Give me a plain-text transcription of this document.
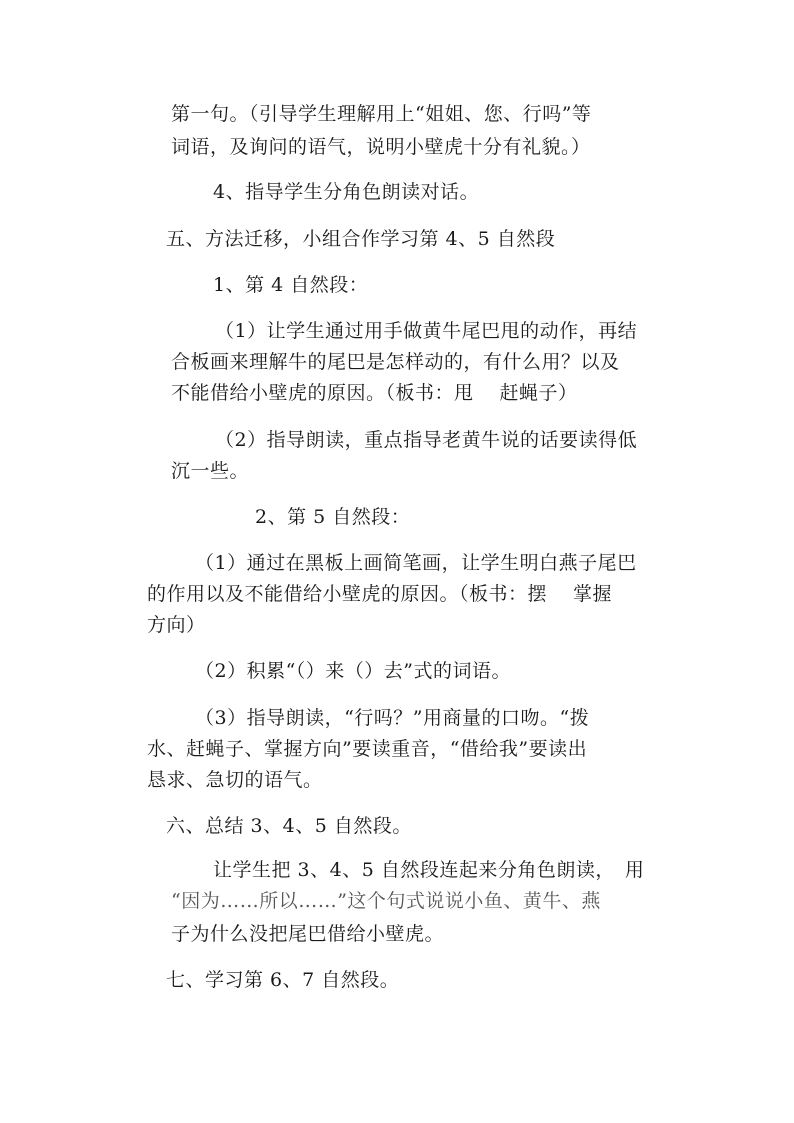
第一句。（引导学生理解用上“姐姐、您、行吗”等
词语，及询问的语气，说明小壁虎十分有礼貌。）
4、指导学生分角色朗读对话。
五、方法迁移，小组合作学习第 4、5 自然段
1、第 4 自然段：
（1）让学生通过用手做黄牛尾巴甩的动作，再结
合板画来理解牛的尾巴是怎样动的，有什么用？以及
不能借给小壁虎的原因。（板书：甩　 赶蝇子）
（2）指导朗读，重点指导老黄牛说的话要读得低
沉一些。
2、第 5 自然段：
（1）通过在黑板上画简笔画，让学生明白燕子尾巴
的作用以及不能借给小壁虎的原因。（板书：摆　 掌握
方向）
（2）积累“（）来（）去”式的词语。
（3）指导朗读，“行吗？”用商量的口吻。“拨
水、赶蝇子、掌握方向”要读重音，“借给我”要读出
恳求、急切的语气。
六、总结 3、4、5 自然段。
让学生把 3、4、5 自然段连起来分角色朗读，　用
“因为……所以……”这个句式说说小鱼、黄牛、燕
子为什么没把尾巴借给小壁虎。
七、学习第 6、7 自然段。
